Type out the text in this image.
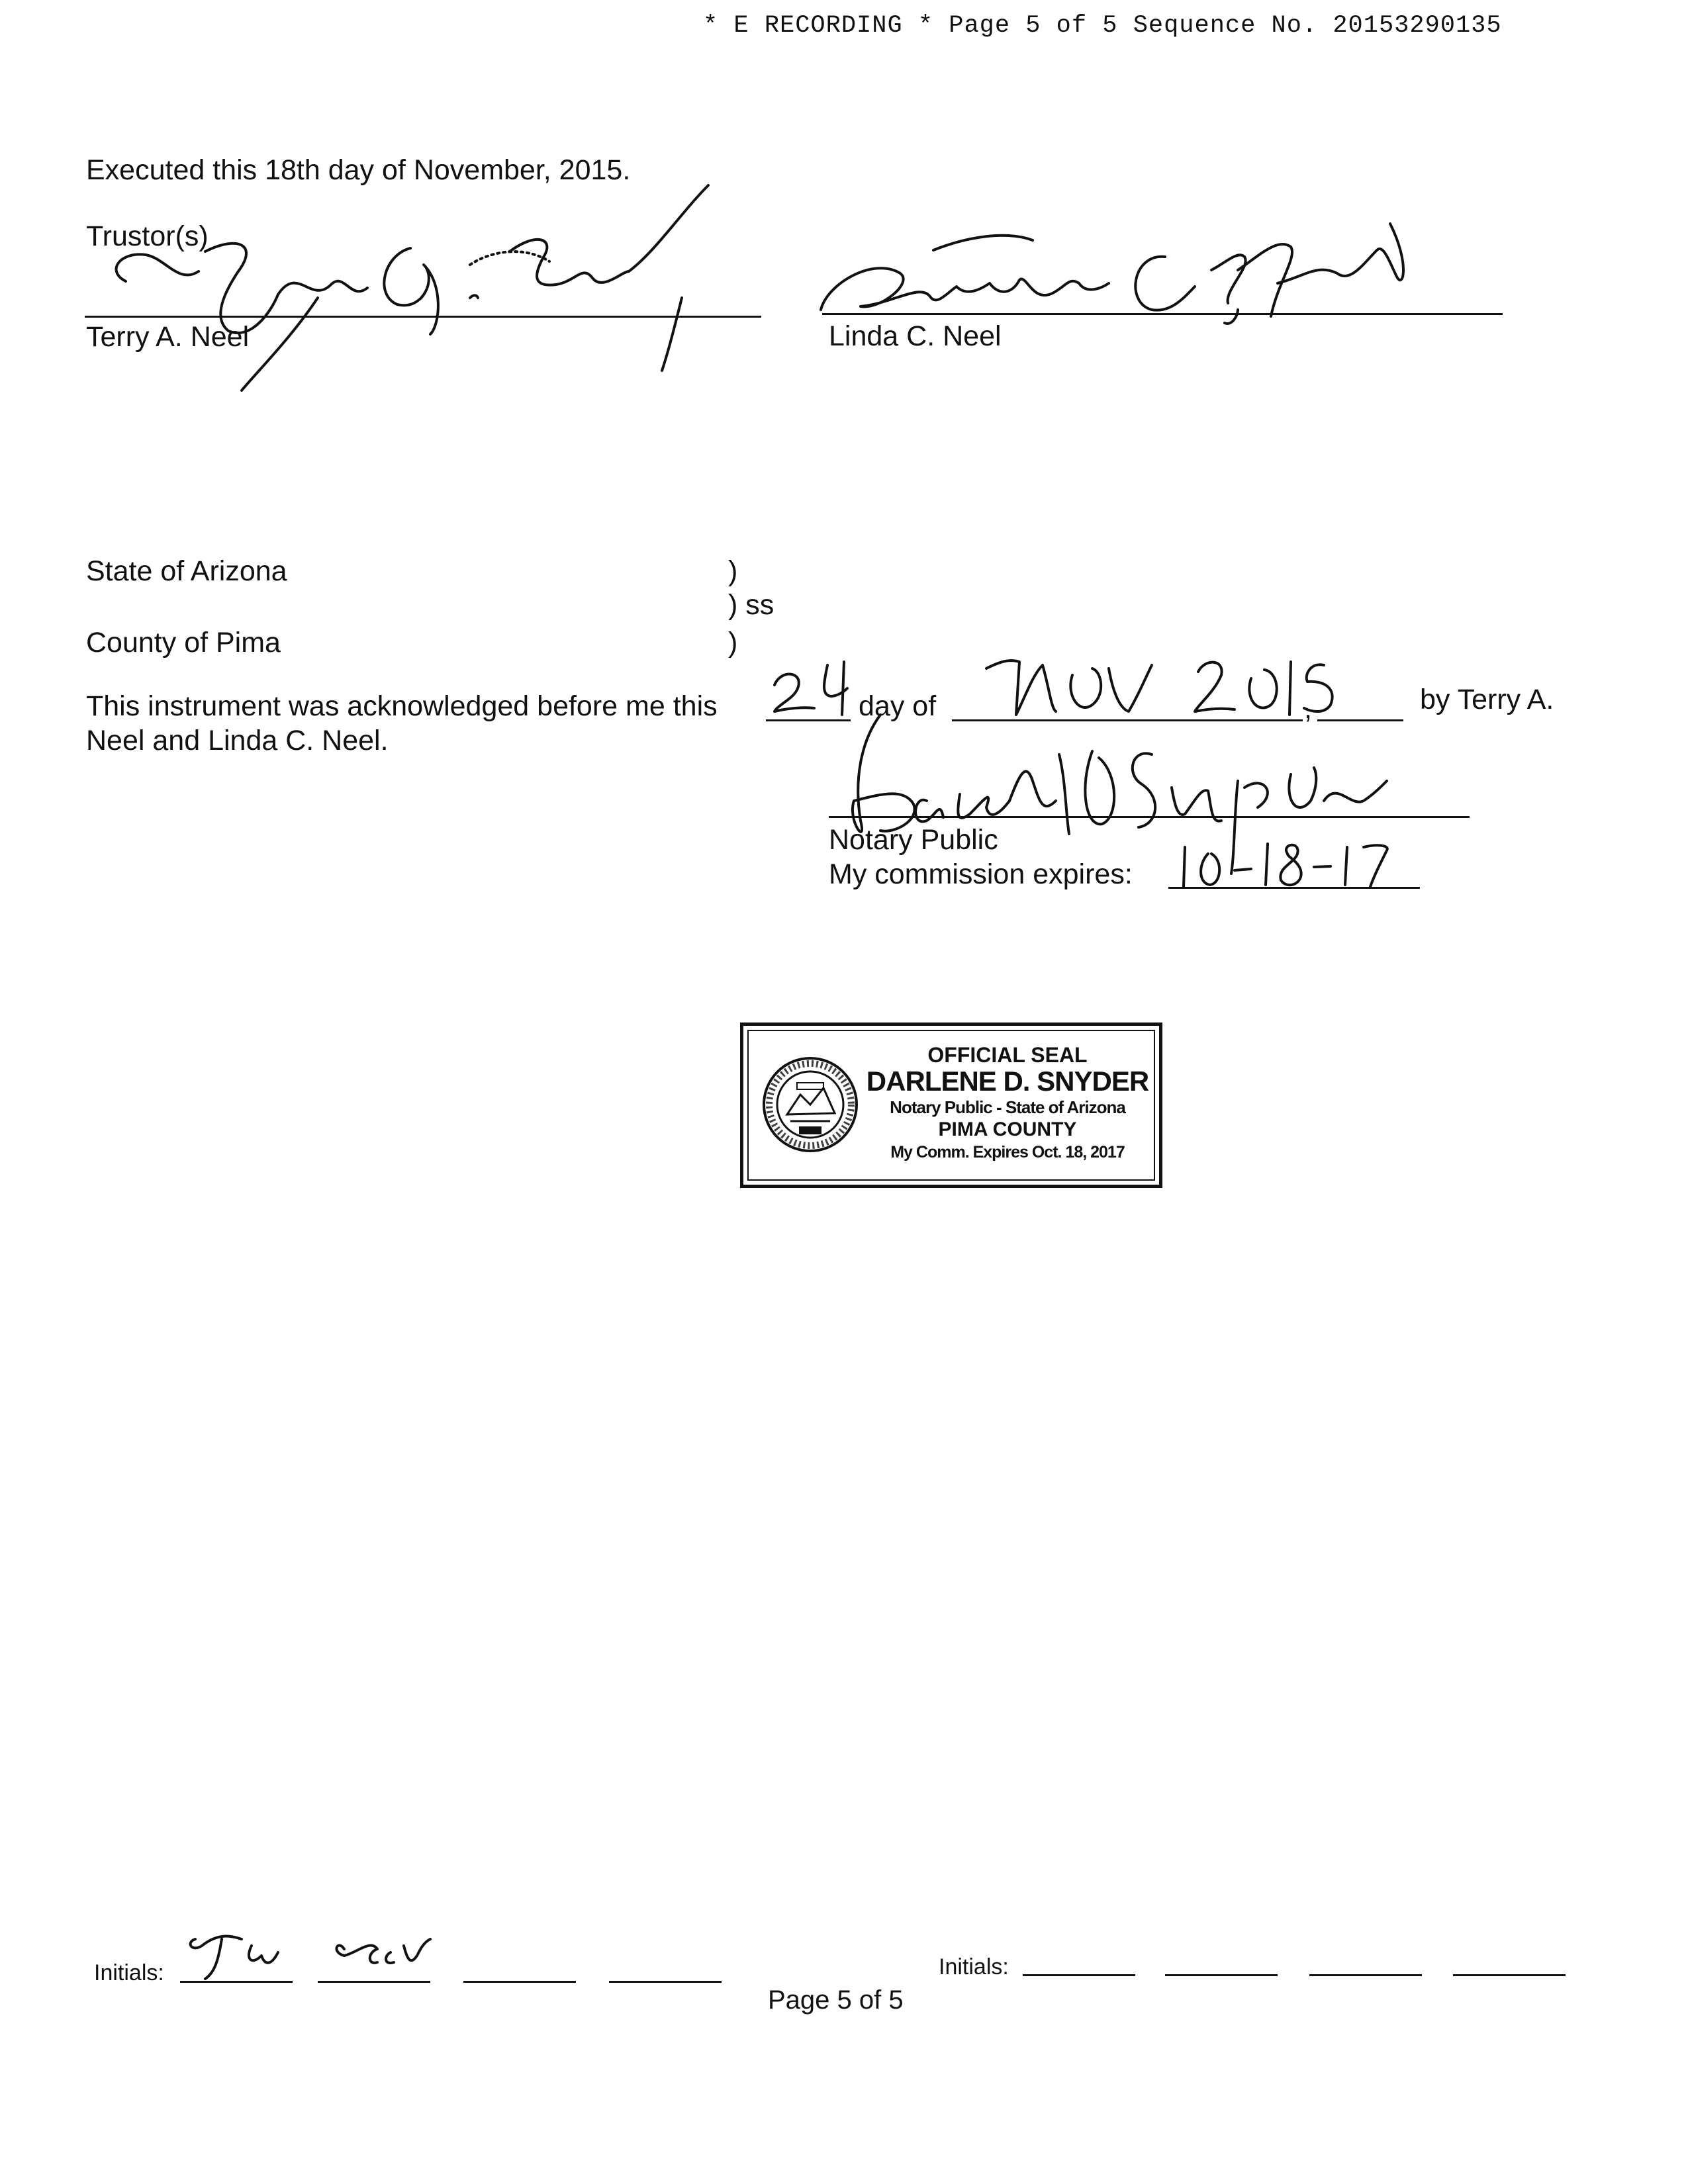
* E RECORDING * Page 5 of 5 Sequence No. 20153290135
Executed this 18th day of November, 2015.
Trustor(s)
Terry A. Neel	Linda C. Neel
State of Arizona
County of Pima
)
) ss
)
This instrument was acknowledged before me this	day of	,	by Terry A.
Neel and Linda C. Neel.
Notary Public
My commission expires:
OFFICIAL SEAL
DARLENE D. SNYDER
Notary Public - State of Arizona
PIMA COUNTY
My Comm. Expires Oct. 18, 2017
Initials:	Initials:
Page 5 of 5
